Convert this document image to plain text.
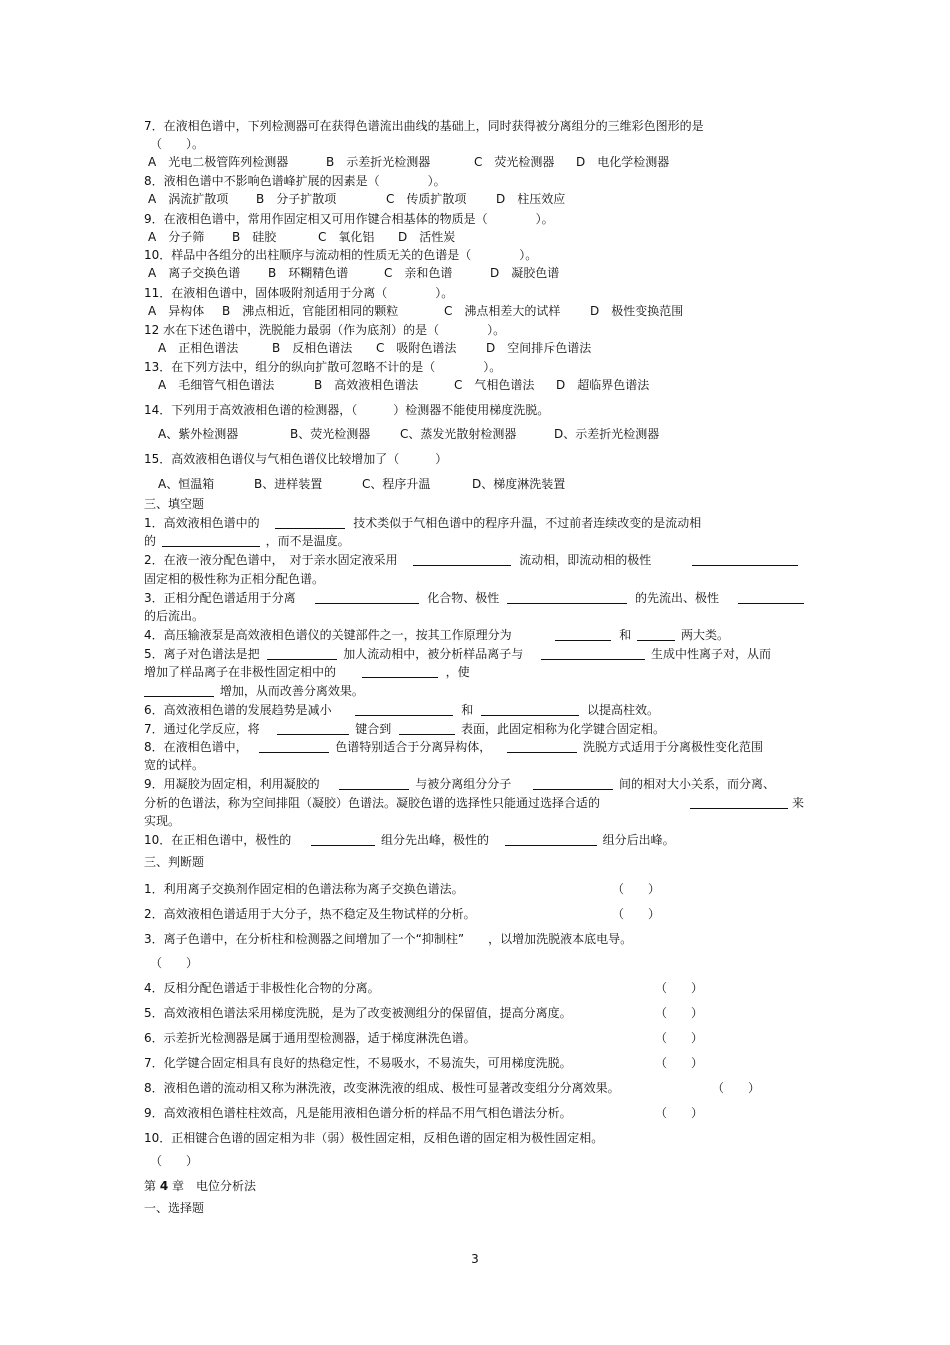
7．在液相色谱中，下列检测器可在获得色谱流出曲线的基础上，同时获得被分离组分的三维彩色图形的是
（　　）。
A　光电二极管阵列检测器	B　示差折光检测器	C　荧光检测器 D　电化学检测器
8．液相色谱中不影响色谱峰扩展的因素是（　　　　）。
A　涡流扩散项 B　分子扩散项	C　传质扩散项 D　柱压效应
9．在液相色谱中，常用作固定相又可用作键合相基体的物质是（　　　　）。
A　分子筛 B　硅胶	C　氧化铝 D　活性炭
10．样品中各组分的出柱顺序与流动相的性质无关的色谱是（　　　　）。
A　离子交换色谱 B　环糊精色谱	C　亲和色谱	D　凝胶色谱
11．在液相色谱中，固体吸附剂适用于分离（　　　　）。
A　异构体 B　沸点相近，官能团相同的颗粒	C　沸点相差大的试样 D　极性变换范围
12 水在下述色谱中，洗脱能力最弱（作为底剂）的是（　　　　）。
A　正相色谱法	B　反相色谱法 C　吸附色谱法 D　空间排斥色谱法
13．在下列方法中，组分的纵向扩散可忽略不计的是（　　　　）。
A　毛细管气相色谱法	B　高效液相色谱法	C　气相色谱法 D　超临界色谱法
14．下列用于高效液相色谱的检测器，（　　　）检测器不能使用梯度洗脱。
A、紫外检测器	B、荧光检测器 C、蒸发光散射检测器	D、示差折光检测器
15．高效液相色谱仪与气相色谱仪比较增加了（　　　）
A、恒温箱	B、进样装置	C、程序升温	D、梯度淋洗装置
三、填空题
1．高效液相色谱中的	技术类似于气相色谱中的程序升温，不过前者连续改变的是流动相
的	，而不是温度。
2．在液一液分配色谱中，　对于亲水固定液采用	流动相，即流动相的极性
固定相的极性称为正相分配色谱。
3．正相分配色谱适用于分离	化合物、极性	的先流出、极性
的后流出。
4．高压输液泵是高效液相色谱仪的关键部件之一，按其工作原理分为	和	两大类。
5．离子对色谱法是把	加人流动相中，被分析样品离子与	生成中性离子对，从而
增加了样品离子在非极性固定相中的	，使
增加，从而改善分离效果。
6．高效液相色谱的发展趋势是减小	和	以提高柱效。
7．通过化学反应，将	键合到	表面，此固定相称为化学键合固定相。
8．在液相色谱中，	色谱特别适合于分离异构体，	洗脱方式适用于分离极性变化范围
宽的试样。
9．用凝胶为固定相，利用凝胶的	与被分离组分分子	间的相对大小关系，而分离、
分析的色谱法，称为空间排阻（凝胶）色谱法。凝胶色谱的选择性只能通过选择合适的	来
实现。
10．在正相色谱中，极性的	组分先出峰，极性的	组分后出峰。
三、判断题
1．利用离子交换剂作固定相的色谱法称为离子交换色谱法。	（　　）
2．高效液相色谱适用于大分子，热不稳定及生物试样的分析。	（　　）
3．离子色谱中，在分析柱和检测器之间增加了一个“抑制柱”　　，以增加洗脱液本底电导。
（　　）
4．反相分配色谱适于非极性化合物的分离。	（　　）
5．高效液相色谱法采用梯度洗脱，是为了改变被测组分的保留值，提高分离度。	（　　）
6．示差折光检测器是属于通用型检测器，适于梯度淋洗色谱。	（　　）
7．化学键合固定相具有良好的热稳定性，不易吸水，不易流失，可用梯度洗脱。	（　　）
8．液相色谱的流动相又称为淋洗液，改变淋洗液的组成、极性可显著改变组分分离效果。	（　　）
9．高效液相色谱柱柱效高，凡是能用液相色谱分析的样品不用气相色谱法分析。	（　　）
10．正相键合色谱的固定相为非（弱）极性固定相，反相色谱的固定相为极性固定相。
（　　）
第 4 章　电位分析法
一、选择题
3
